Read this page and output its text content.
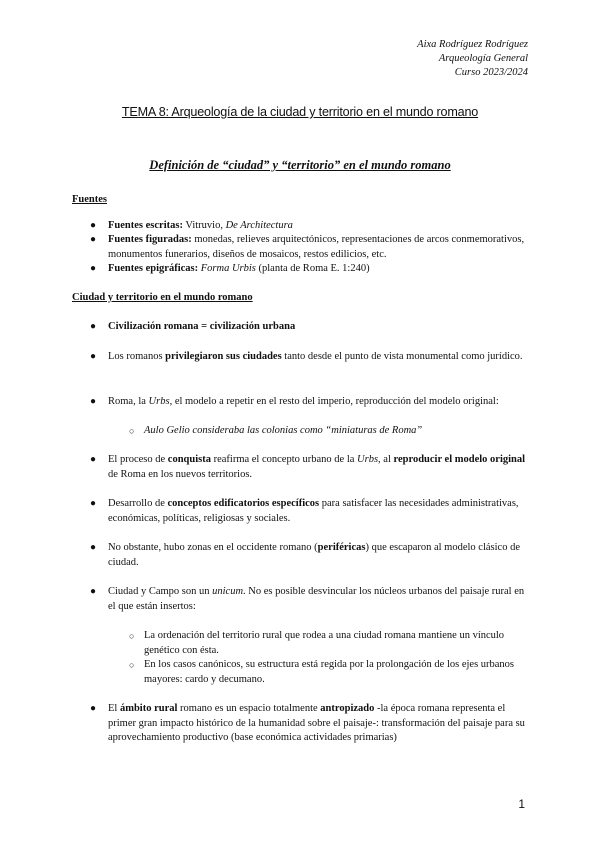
Aixa Rodríguez Rodríguez
Arqueología General
Curso 2023/2024
TEMA 8: Arqueología de la ciudad y territorio en el mundo romano
Definición de “ciudad” y “territorio” en el mundo romano
Fuentes
● Fuentes escritas: Vitruvio, De Architectura
● Fuentes figuradas: monedas, relieves arquitectónicos, representaciones de arcos conmemorativos, monumentos funerarios, diseños de mosaicos, restos edilicios, etc.
● Fuentes epigráficas: Forma Urbis (planta de Roma E. 1:240)
Ciudad y territorio en el mundo romano
● Civilización romana = civilización urbana
● Los romanos privilegiaron sus ciudades tanto desde el punto de vista monumental como jurídico.
● Roma, la Urbs, el modelo a repetir en el resto del imperio, reproducción del modelo original:
○ Aulo Gelio consideraba las colonias como “miniaturas de Roma”
● El proceso de conquista reafirma el concepto urbano de la Urbs, al reproducir el modelo original de Roma en los nuevos territorios.
● Desarrollo de conceptos edificatorios específicos para satisfacer las necesidades administrativas, económicas, políticas, religiosas y sociales.
● No obstante, hubo zonas en el occidente romano (periféricas) que escaparon al modelo clásico de ciudad.
● Ciudad y Campo son un unicum. No es posible desvincular los núcleos urbanos del paisaje rural en el que están insertos:
○ La ordenación del territorio rural que rodea a una ciudad romana mantiene un vínculo genético con ésta.
○ En los casos canónicos, su estructura está regida por la prolongación de los ejes urbanos mayores: cardo y decumano.
● El ámbito rural romano es un espacio totalmente antropizado -la época romana representa el primer gran impacto histórico de la humanidad sobre el paisaje-: transformación del paisaje para su aprovechamiento productivo (base económica actividades primarias)
1
